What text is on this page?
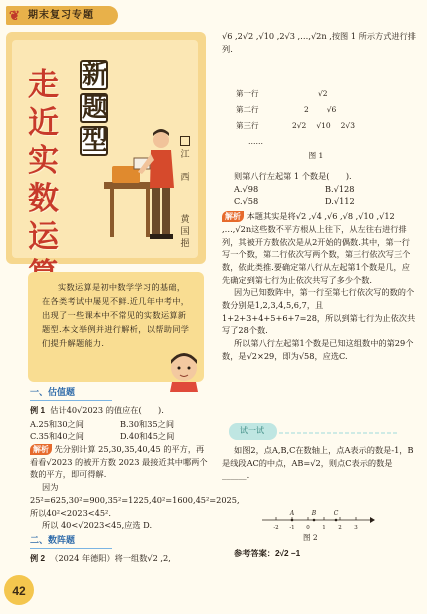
❦ 期末复习专题
走
近
实
数
运
新
题
型	江
西
黄
国
挹
实数运算是初中数学学习的基础，在各类考试中屡见不鲜.近几年中考中，出现了一些课本中不常见的实数运算新题型.本文举例并进行解析，以帮助同学们提升解题能力.
一、估值题
例 1 估计40√2023 的值应在(　　).
A.25和30之间	B.30和35之间
C.35和40之间	D.40和45之间
解析 先分别计算 25,30,35,40,45 的平方，再看看√2023 的被开方数 2023 最接近其中哪两个数的平方，即可得解.
因为 25²=625,30²=900,35²=1225,40²=1600,45²=2025,所以40²<2023<45².
所以 40<√2023<45,应选 D.
二、数阵题
例 2 （2024 年德阳）将一组数√2 ,2,
√6 ,2√2 ,√10 ,2√3 ,…,√2n ,按图 1 所示方式进行排列.
第一行	√2
第二行	2 √6
第三行	2√2 √10 2√3
……
图 1
则第八行左起第 1 个数是(　　).
A.√98	B.√128
C.√58	D.√112
解析 本题其实是将√2 ,√4 ,√6 ,√8 ,√10 ,√12 ,…,√2n这些数不平方根从上往下，从左往右进行排列，其被开方数依次是从2开始的偶数.其中，第一行写一个数，第二行依次写两个数，第三行依次写三个数，依此类推.要确定第八行从左起第1个数是几，应先确定到第七行为止依次共写了多少个数.
因为已知数阵中，第一行至第七行依次写的数的个数分别是1,2,3,4,5,6,7，且1+2+3+4+5+6+7=28，所以到第七行为止依次共写了28个数.
所以第八行左起第1个数是已知这组数中的第29个数，是√2×29，即为√58，应选C.
试一试
如图2，点A,B,C在数轴上，点A表示的数是-1，B是线段AC的中点，AB=√2，则点C表示的数是______.
-2 -1 0 1 2 3
A	B	C
图 2
参考答案：2√2 −1
42
